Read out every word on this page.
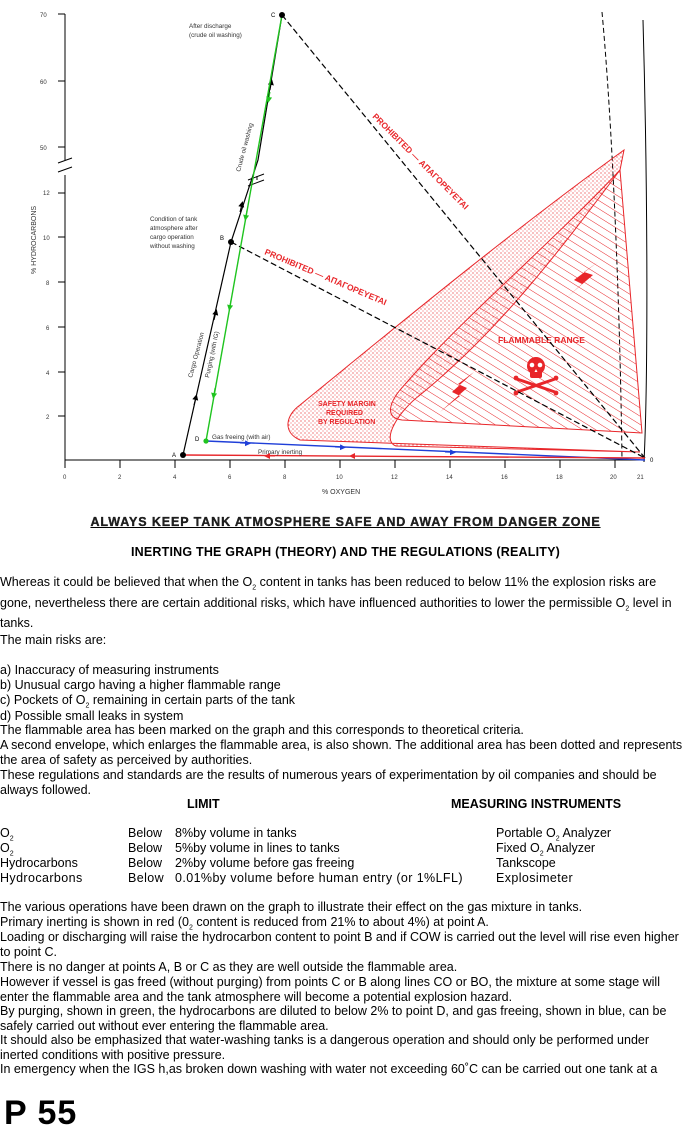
70
60
50
12
10
8
6
4
2
0	2	4	6	8	10	12	14	16	18	20	21
% OXYGEN
% HYDROCARBONS
FLAMMABLE RANGE
SAFETY MARGIN
REQUIRED
BY REGULATION
PROHIBITED — ΑΠΑΓΟΡΕΥΕΤΑΙ
PROHIBITED — ΑΠΑΓΟΡΕΥΕΤΑΙ
A
B
C
D
0
After discharge
(crude oil washing)
Condition of tank
atmosphere after
cargo operation
without washing
Crude oil washing
Cargo Operation
Purging (with IG)
Gas freeing (with air)
Primary inerting
ALWAYS KEEP TANK ATMOSPHERE SAFE AND AWAY FROM DANGER ZONE
INERTING THE GRAPH (THEORY) AND THE REGULATIONS (REALITY)
Whereas it could be believed that when the $O_2$ content in tanks has been reduced to below 11% the explosion risks are gone, nevertheless there are certain additional risks, which have influenced authorities to lower the permissible $O_2$ level in tanks.
The main risks are:
a) Inaccuracy of measuring instruments
b) Unusual cargo having a higher flammable range
c) Pockets of $O_2$ remaining in certain parts of the tank
d) Possible small leaks in system
The flammable area has been marked on the graph and this corresponds to theoretical criteria.
A second envelope, which enlarges the flammable area, is also shown. The additional area has been dotted and represents the area of safety as perceived by authorities.
These regulations and standards are the results of numerous years of experimentation by oil companies and should be always followed.
LIMIT	MEASURING INSTRUMENTS
$O_2$	Below 8%by volume in tanks	Portable $O_2$ Analyzer
$O_2$	Below 5%by volume in lines to tanks	Fixed $O_2$ Analyzer
Hydrocarbons	Below 2%by volume before gas freeing	Tankscope
Hydrocarbons	Below 0.01%by volume before human entry (or 1%LFL)	Explosimeter
The various operations have been drawn on the graph to illustrate their effect on the gas mixture in tanks.
Primary inerting is shown in red ($0_2$ content is reduced from 21% to about 4%) at point A.
Loading or discharging will raise the hydrocarbon content to point B and if COW is carried out the level will rise even higher to point C.
There is no danger at points A, B or C as they are well outside the flammable area.
However if vessel is gas freed (without purging) from points C or B along lines CO or BO, the mixture at some stage will enter the flammable area and the tank atmosphere will become a potential explosion hazard.
By purging, shown in green, the hydrocarbons are diluted to below 2% to point D, and gas freeing, shown in blue, can be safely carried out without ever entering the flammable area.
It should also be emphasized that water-washing tanks is a dangerous operation and should only be performed under inerted conditions with positive pressure.
In emergency when the IGS h,as broken down washing with water not exceeding 60˚C can be carried out one tank at a
P 55
